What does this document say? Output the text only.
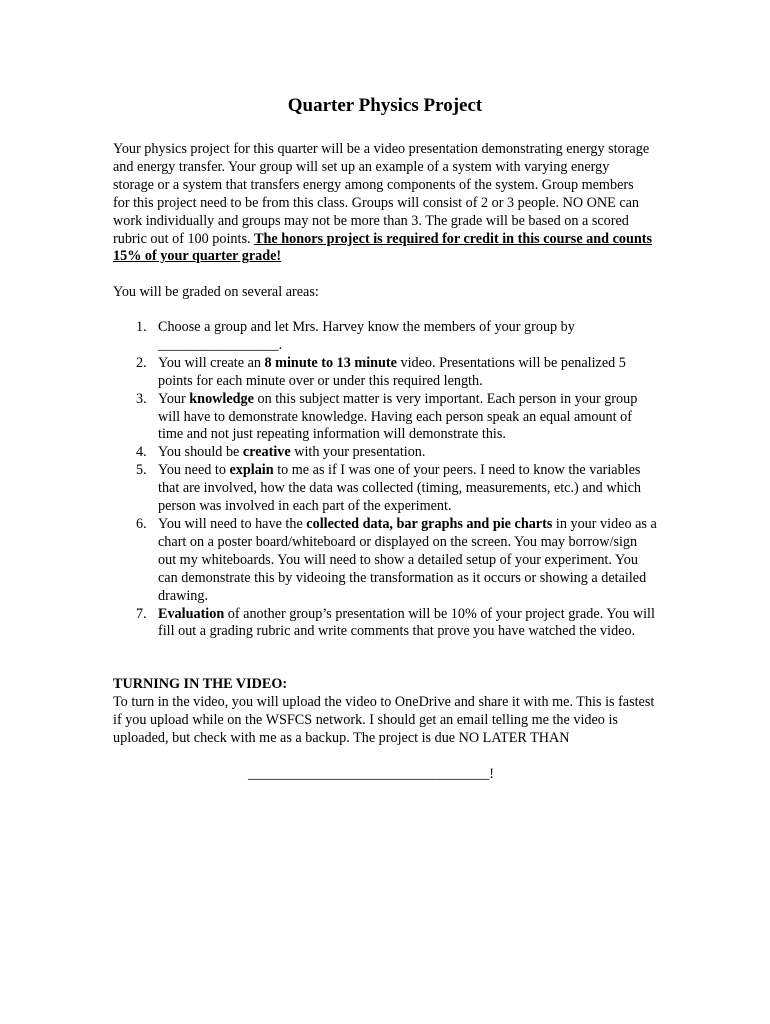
Quarter Physics Project
Your physics project for this quarter will be a video presentation demonstrating energy storage and energy transfer. Your group will set up an example of a system with varying energy storage or a system that transfers energy among components of the system. Group members for this project need to be from this class. Groups will consist of 2 or 3 people. NO ONE can work individually and groups may not be more than 3. The grade will be based on a scored rubric out of 100 points. The honors project is required for credit in this course and counts 15% of your quarter grade!
You will be graded on several areas:
1. Choose a group and let Mrs. Harvey know the members of your group by _________________.
2. You will create an 8 minute to 13 minute video. Presentations will be penalized 5 points for each minute over or under this required length.
3. Your knowledge on this subject matter is very important. Each person in your group will have to demonstrate knowledge. Having each person speak an equal amount of time and not just repeating information will demonstrate this.
4. You should be creative with your presentation.
5. You need to explain to me as if I was one of your peers. I need to know the variables that are involved, how the data was collected (timing, measurements, etc.) and which person was involved in each part of the experiment.
6. You will need to have the collected data, bar graphs and pie charts in your video as a chart on a poster board/whiteboard or displayed on the screen. You may borrow/sign out my whiteboards. You will need to show a detailed setup of your experiment. You can demonstrate this by videoing the transformation as it occurs or showing a detailed drawing.
7. Evaluation of another group’s presentation will be 10% of your project grade. You will fill out a grading rubric and write comments that prove you have watched the video.
TURNING IN THE VIDEO:
To turn in the video, you will upload the video to OneDrive and share it with me. This is fastest if you upload while on the WSFCS network. I should get an email telling me the video is uploaded, but check with me as a backup. The project is due NO LATER THAN
__________________________________!
